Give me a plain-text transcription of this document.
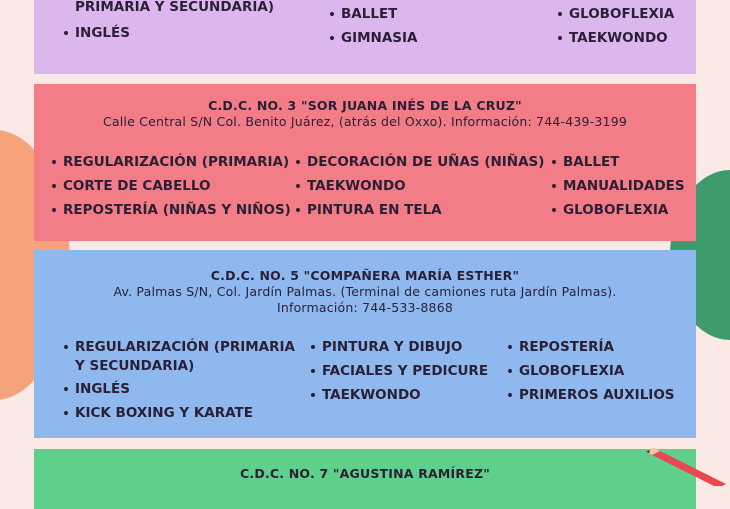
PRIMARIA Y SECUNDARIA)
INGLÉS
BALLET
GIMNASIA
GLOBOFLEXIA
TAEKWONDO
C.D.C. NO. 3 "SOR JUANA INÉS DE LA CRUZ"
Calle Central S/N Col. Benito Juárez, (atrás del Oxxo). Información: 744-439-3199
REGULARIZACIÓN (PRIMARIA)
CORTE DE CABELLO
REPOSTERÍA (NIÑAS Y NIÑOS)
DECORACIÓN DE UÑAS (NIÑAS)
TAEKWONDO
PINTURA EN TELA
BALLET
MANUALIDADES
GLOBOFLEXIA
C.D.C. NO. 5 "COMPAÑERA MARÍA ESTHER"
Av. Palmas S/N, Col. Jardín Palmas. (Terminal de camiones ruta Jardín Palmas).
Información: 744-533-8868
REGULARIZACIÓN (PRIMARIA
Y SECUNDARIA)
INGLÉS
KICK BOXING Y KARATE
PINTURA Y DIBUJO
FACIALES Y PEDICURE
TAEKWONDO
REPOSTERÍA
GLOBOFLEXIA
PRIMEROS AUXILIOS
C.D.C. NO. 7 "AGUSTINA RAMÍREZ"
